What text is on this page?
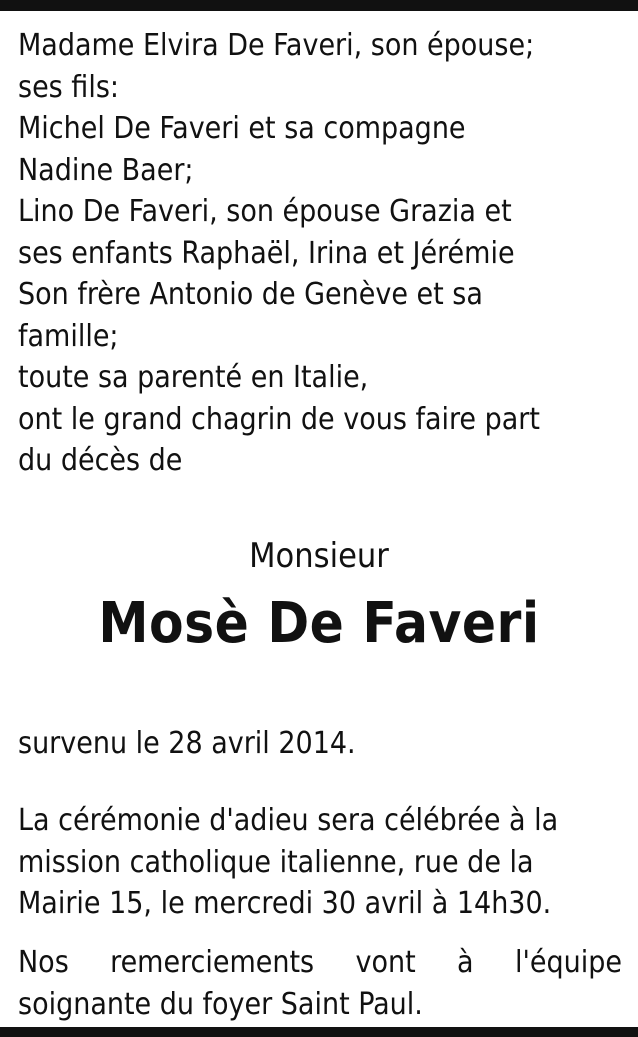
Madame Elvira De Faveri, son épouse;
ses fils:
Michel De Faveri et sa compagne
Nadine Baer;
Lino De Faveri, son épouse Grazia et
ses enfants Raphaël, Irina et Jérémie
Son frère Antonio de Genève et sa
famille;
toute sa parenté en Italie,
ont le grand chagrin de vous faire part
du décès de
Monsieur
Mosè De Faveri
survenu le 28 avril 2014.
La cérémonie d'adieu sera célébrée à la
mission catholique italienne, rue de la
Mairie 15, le mercredi 30 avril à 14h30.
Nos remerciements vont à l'équipe
soignante du foyer Saint Paul.
